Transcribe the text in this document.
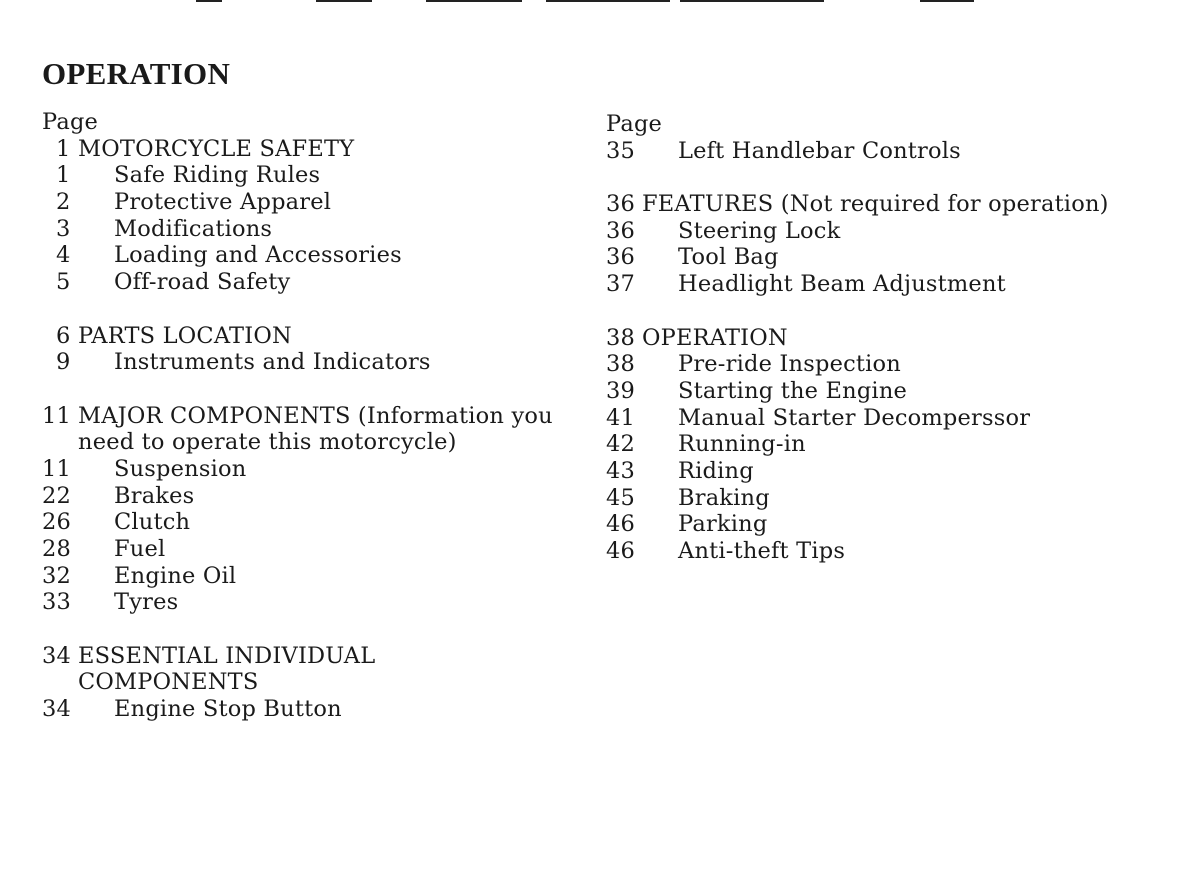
OPERATION
Page
1 MOTORCYCLE SAFETY
1 Safe Riding Rules
2 Protective Apparel
3 Modifications
4 Loading and Accessories
5 Off-road Safety
6 PARTS LOCATION
9 Instruments and Indicators
11 MAJOR COMPONENTS (Information you
need to operate this motorcycle)
11 Suspension
22 Brakes
26 Clutch
28 Fuel
32 Engine Oil
33 Tyres
34 ESSENTIAL INDIVIDUAL
COMPONENTS
34 Engine Stop Button
Page
35 Left Handlebar Controls
36 FEATURES (Not required for operation)
36 Steering Lock
36 Tool Bag
37 Headlight Beam Adjustment
38 OPERATION
38 Pre-ride Inspection
39 Starting the Engine
41 Manual Starter Decomperssor
42 Running-in
43 Riding
45 Braking
46 Parking
46 Anti-theft Tips
